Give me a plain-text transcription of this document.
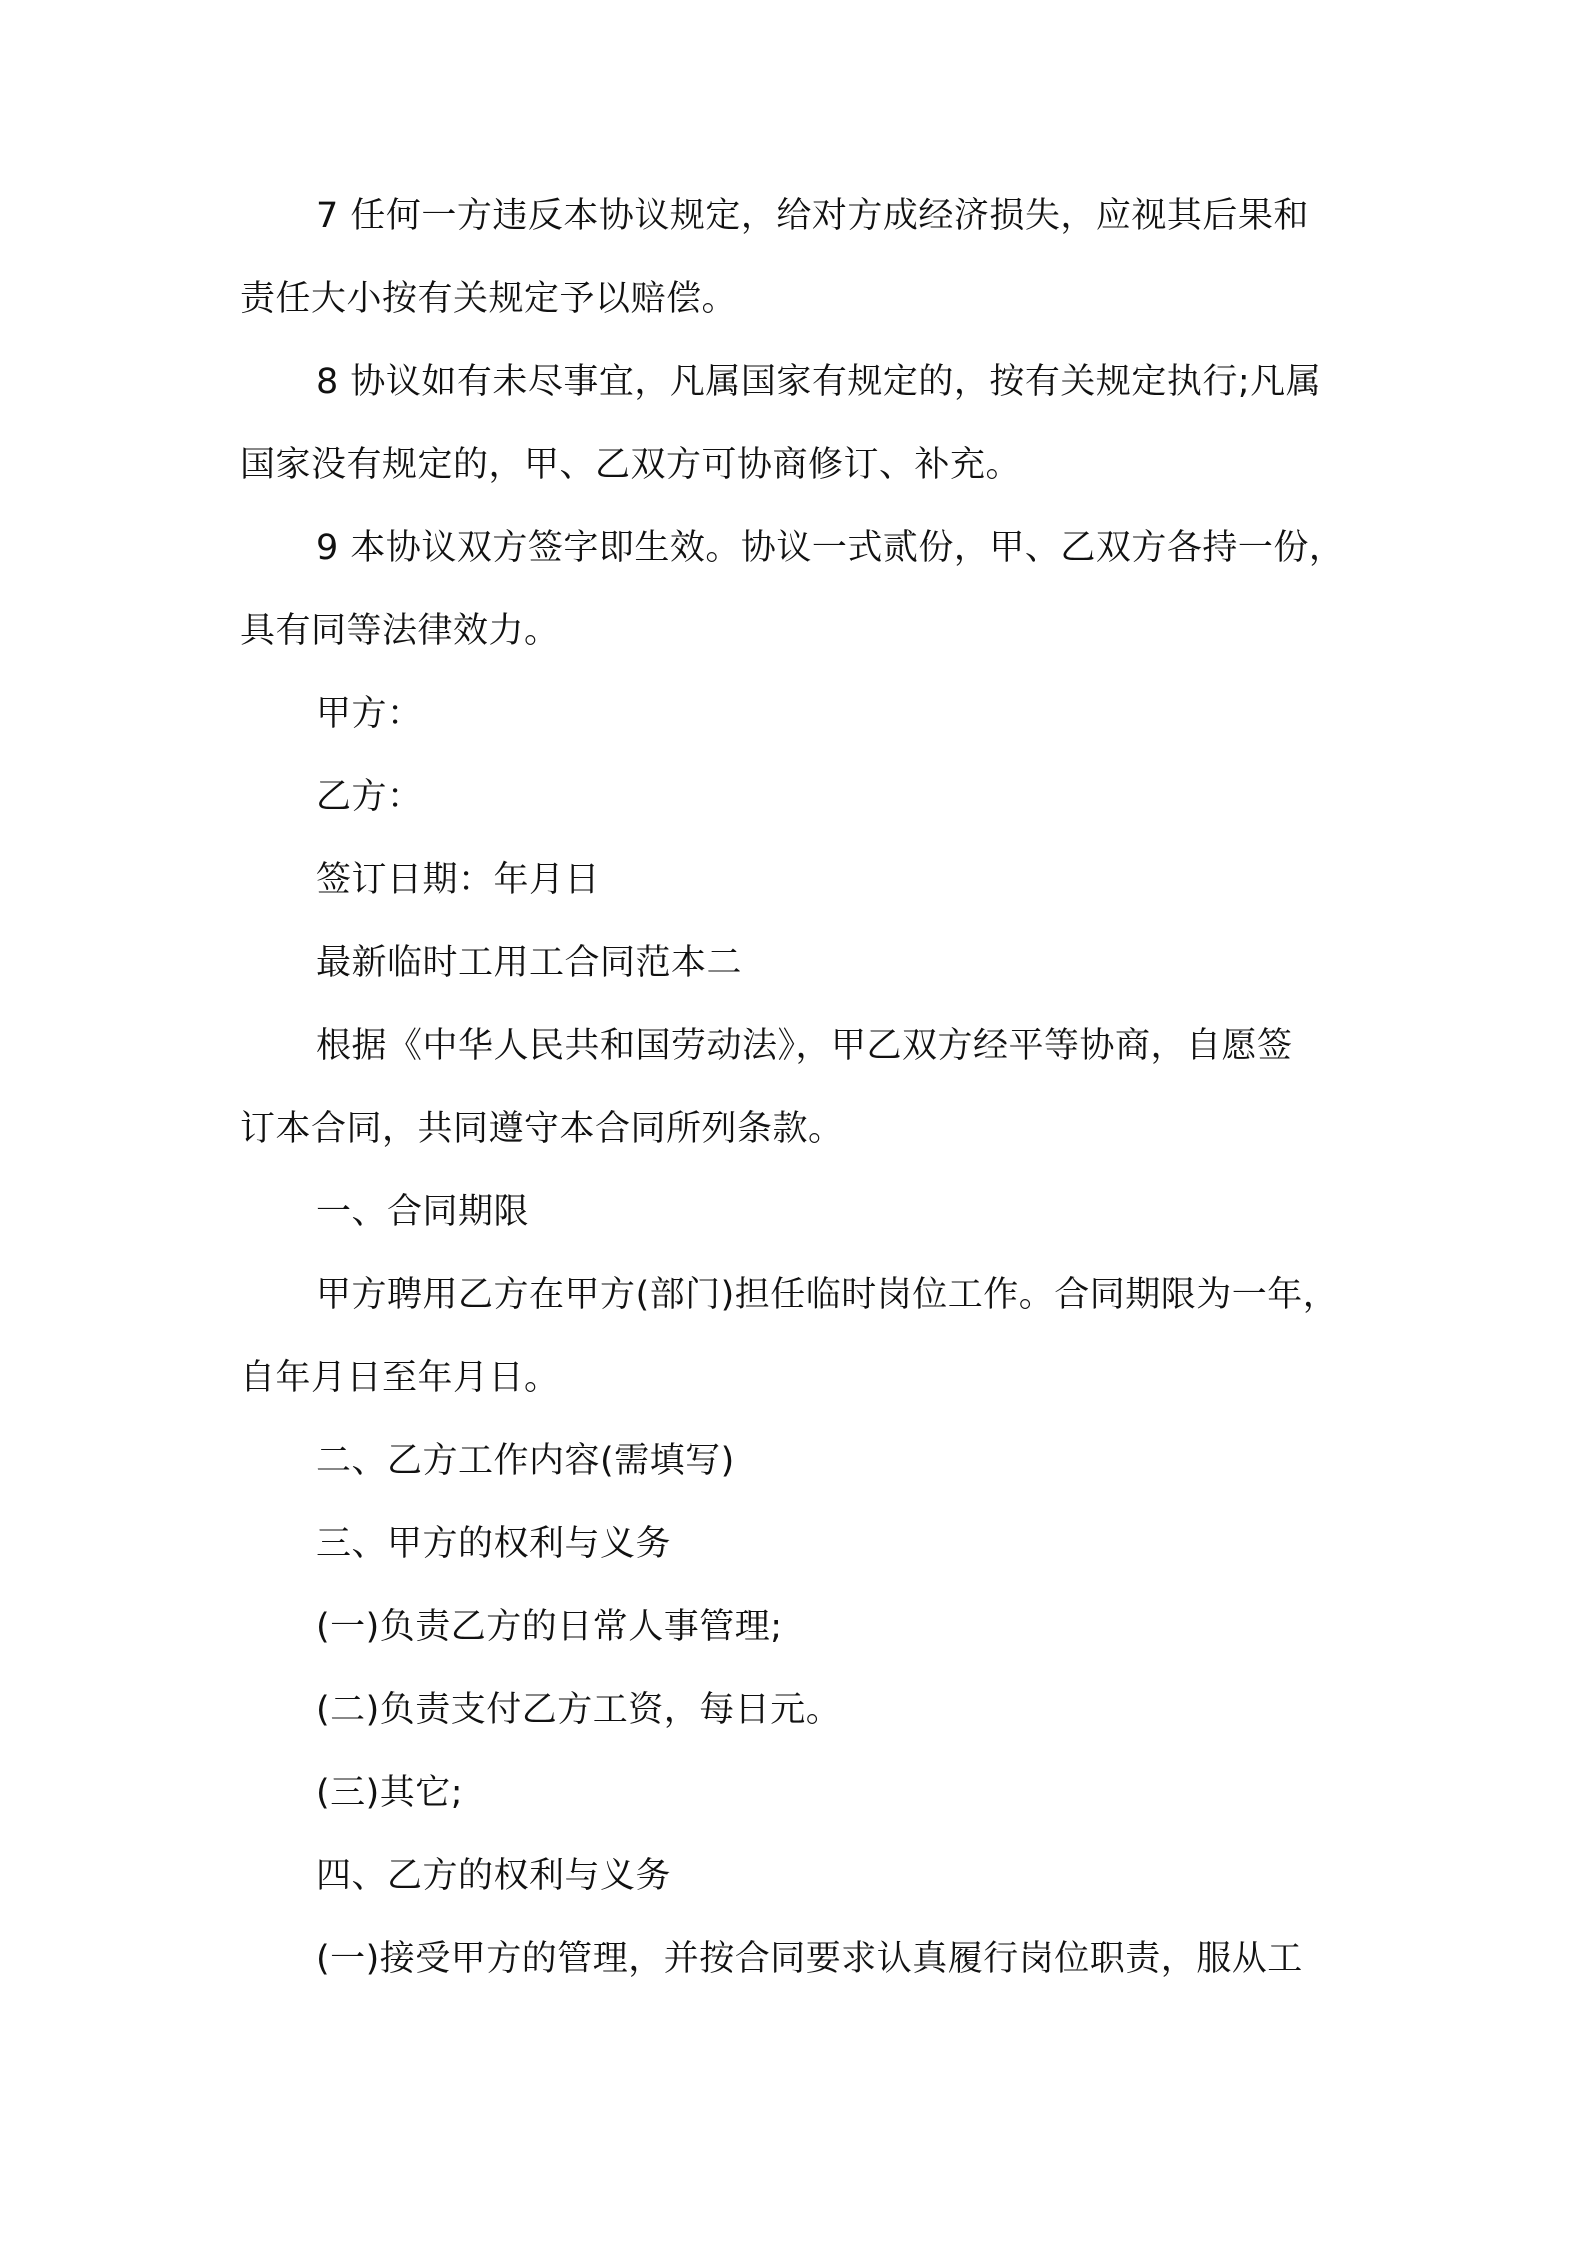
7 任何一方违反本协议规定，给对方成经济损失，应视其后果和
责任大小按有关规定予以赔偿。
8 协议如有未尽事宜，凡属国家有规定的，按有关规定执行;凡属
国家没有规定的，甲、乙双方可协商修订、补充。
9 本协议双方签字即生效。协议一式贰份，甲、乙双方各持一份，
具有同等法律效力。
甲方：
乙方：
签订日期：年月日
最新临时工用工合同范本二
根据《中华人民共和国劳动法》，甲乙双方经平等协商，自愿签
订本合同，共同遵守本合同所列条款。
一、合同期限
甲方聘用乙方在甲方(部门)担任临时岗位工作。合同期限为一年，
自年月日至年月日。
二、乙方工作内容(需填写)
三、甲方的权利与义务
(一)负责乙方的日常人事管理;
(二)负责支付乙方工资，每日元。
(三)其它;
四、乙方的权利与义务
(一)接受甲方的管理，并按合同要求认真履行岗位职责，服从工
